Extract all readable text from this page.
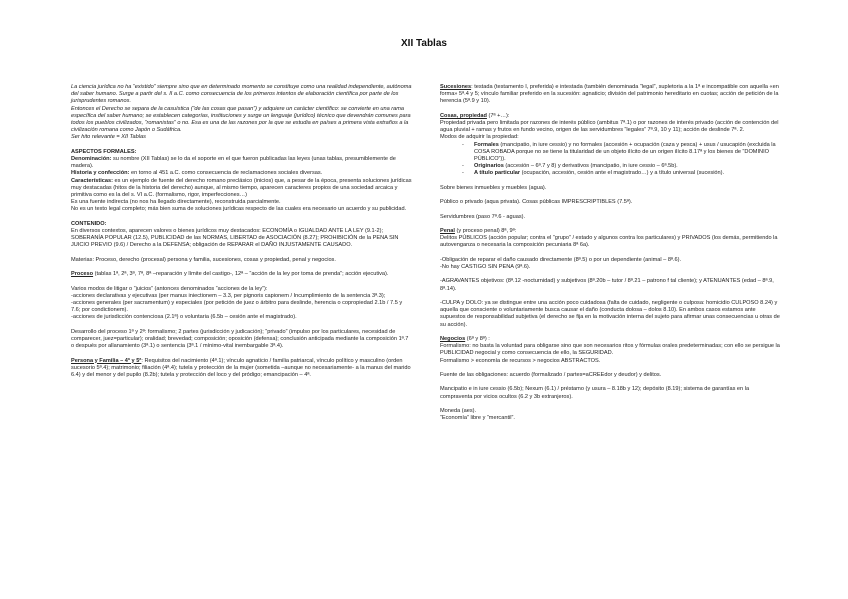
XII Tablas

La ciencia jurídica no ha “existido” siempre sino que en determinado momento se constituye como una realidad independiente, autónoma del saber humano. Surge a partir del s. II a.C. como consecuencia de los primeros intentos de elaboración científica por parte de los jurisprudentes romanos.

Entonces el Derecho se separa de la casuística (“de las cosas que pasan”) y adquiere un carácter científico: se convierte en una rama específica del saber humano; se establecen categorías, instituciones y surge un lenguaje (jurídico) técnico que devendrán comunes para todos los pueblos civilizados, “romanistas” o no. Esa es una de las razones por la que se estudia en países a primera vista extraños a la civilización romana como Japón o Sudáfrica.

Ser hito relevante = XII Tablas

ASPECTOS FORMALES:

Denominación: su nombre (XII Tablas) se lo da el soporte en el que fueron publicadas las leyes (unas tablas, presumiblemente de madera).

Historia y confección: en torno al 451 a.C. como consecuencia de reclamaciones sociales diversas.

Características: es un ejemplo de fuente del derecho romano preclásico (inicios) que, a pesar de la época, presenta soluciones jurídicas muy destacadas (hitos de la historia del derecho) aunque, al mismo tiempo, aparecen caracteres propios de una sociedad arcaica y primitiva como es la del s. VI a.C. (formalismo, rigor, imperfecciones…)

Es una fuente indirecta (no nos ha llegado directamente), reconstruida parcialmente.

No es un texto legal completo; más bien suma de soluciones jurídicas respecto de las cuales era necesario un acuerdo y su publicidad.

CONTENIDO:

En diversos contextos, aparecen valores o bienes jurídicos muy destacados: ECONOMÍA o IGUALDAD ANTE LA LEY (9.1-2); SOBERANÍA POPULAR (12.5), PUBLICIDAD de las NORMAS, LIBERTAD de ASOCIACIÓN (8.27); PROHIBICIÓN de la PENA SIN JUICIO PREVIO (9.6) / Derecho a la DEFENSA; obligación de REPARAR el DAÑO INJUSTAMENTE CAUSADO.

Materias: Proceso, derecho (procesal) persona y familia, sucesiones, cosas y propiedad, penal y negocios.

Proceso (tablas 1ª, 2ª, 3ª, 7ª, 8ª –reparación y límite del castigo-, 12ª – “acción de la ley por toma de prenda”; acción ejecutiva).

Varios modos de litigar o “juicios” (antonces denominados “acciones de la ley”):

-acciones declarativas y ejecutivas (per manus iniectionem – 3.3, per pignoris capionem / Incumplimiento de la sentencia 3ª.3);

-acciones generales (per sacramentum) y especiales (por petición de juez o árbitro para deslinde, herencia o copropiedad 2.1b / 7.5 y 7.6; por condictionem).

-acciones de jurisdicción contenciosa (2.1ª) o voluntaria (6.5b – cesión ante el magistrado).

Desarrollo del proceso 1ª y 2ª: formalismo; 2 partes (jurisdicción y judicación); “privado” (impulso por los particulares, necesidad de comparecer, juez=particular); oralidad; brevedad; composición; oposición (defensa); conclusión anticipada mediante la composición 1ª.7 o después por allanamiento (3ª.1) o sentencia (3ª.1 / mínimo-vital inembargable 3ª.4).

Persona y Familia – 4ª y 5ª: Requisitos del nacimiento (4ª.1); vínculo agnaticio / familia patriarcal, vínculo político y masculino (orden sucesorio 5ª.4); matrimonio; filiación (4ª.4); tutela y protección de la mujer (sometida –aunque no necesariamente- a la manus del marido 6.4) y del menor y del pupilo (8.2b); tutela y protección del loco y del pródigo; emancipación – 4ª.

Sucesiones: testada (testamento I, preferida) e intestada (también denominada “legal”, supletoria a la 1ª e incompatible con aquella «en forma» 5ª.4 y 5; vínculo familiar preferido en la sucesión: agnaticio; división del patrimonio hereditario en cuotas; acción de petición de la herencia (5ª.9 y 10).

Cosas, propiedad (7ª +…):

Propiedad privada pero limitada por razones de interés público (ambitus 7ª.1) o por razones de interés privado (acción de contención del agua pluvial + ramas y frutos en fundo vecino, origen de las servidumbres “legales” 7ª.9, 10 y 11); acción de deslinde 7ª. 2.

Modos de adquirir la propiedad:

- Formales (mancipatio, in iure cessio) y no formales (accesión + ocupación (caza y pesca) + usus / usucapión (excluida la COSA ROBADA porque no se tiene la titularidad de un objeto ilícito de un origen ilícito 8.17ª y los bienes de “DOMINIO PÚBLICO”)).
- Originarios (accesión – 6ª.7 y 8) y derivativos (mancipatio, in iure cessio – 6ª.5b).
- A título particular (ocupación, accesión, cesión ante el magistrado…) y a título universal (sucesión).

Sobre bienes inmuebles y muebles (agua).

Público o privado (aqua privata). Cosas públicas IMPRESCRIPTIBLES (7.5ª).

Servidumbres (paso 7ª.6 - aguas).

Penal (y proceso penal) 8ª, 9ª:

Delitos PÚBLICOS (acción popular; contra el “grupo” / estado y algunos contra los particulares) y PRIVADOS (los demás, permitiendo la autovenganza o necesaria la composición pecuniaria 8ª 6a).

-Obligación de reparar el daño causado directamente (8ª.5) o por un dependiente (animal – 8ª.6).

-No hay CASTIGO SIN PENA (9ª.6).

-AGRAVANTES objetivos: (8ª.12 -nocturnidad) y subjetivos (8ª.20b – tutor / 8ª.21 – patrono f tal cliente); y ATENUANTES (edad – 8ª.9, 8ª.14).

-CULPA y DOLO: ya se distingue entre una acción poco cuidadosa (falta de cuidado, negligente o culposa: homicidio CULPOSO 8.24) y aquella que consciente o voluntariamente busca causar el daño (conducta dolosa – dolos 8.10). En ambos casos estamos ante supuestos de responsabilidad subjetiva (el derecho se fija en la motivación interna del sujeto para afirmar unas consecuencias u otras de su acción).

Negocios (6ª y 8ª) :

Formalismo: no basta la voluntad para obligarse sino que son necesarios ritos y fórmulas orales predeterminadas; con ello se persigue la PUBLICIDAD negocial y como consecuencia de ello, la SEGURIDAD.

Formalismo > economía de recursos > negocios ABSTRACTOS.

Fuente de las obligaciones: acuerdo (formalizado / partes=aCREEdor y deudor) y delitos.

Mancipatio e in iure cessio (6.5b); Nexum (6.1) / préstamo (y usura – 8.18b y 12); depósito (8.19); sistema de garantías en la compraventa por vicios ocultos (6.2 y 3b extranjeros).

Moneda (aes).

“Economía” libre y “mercantil”.
